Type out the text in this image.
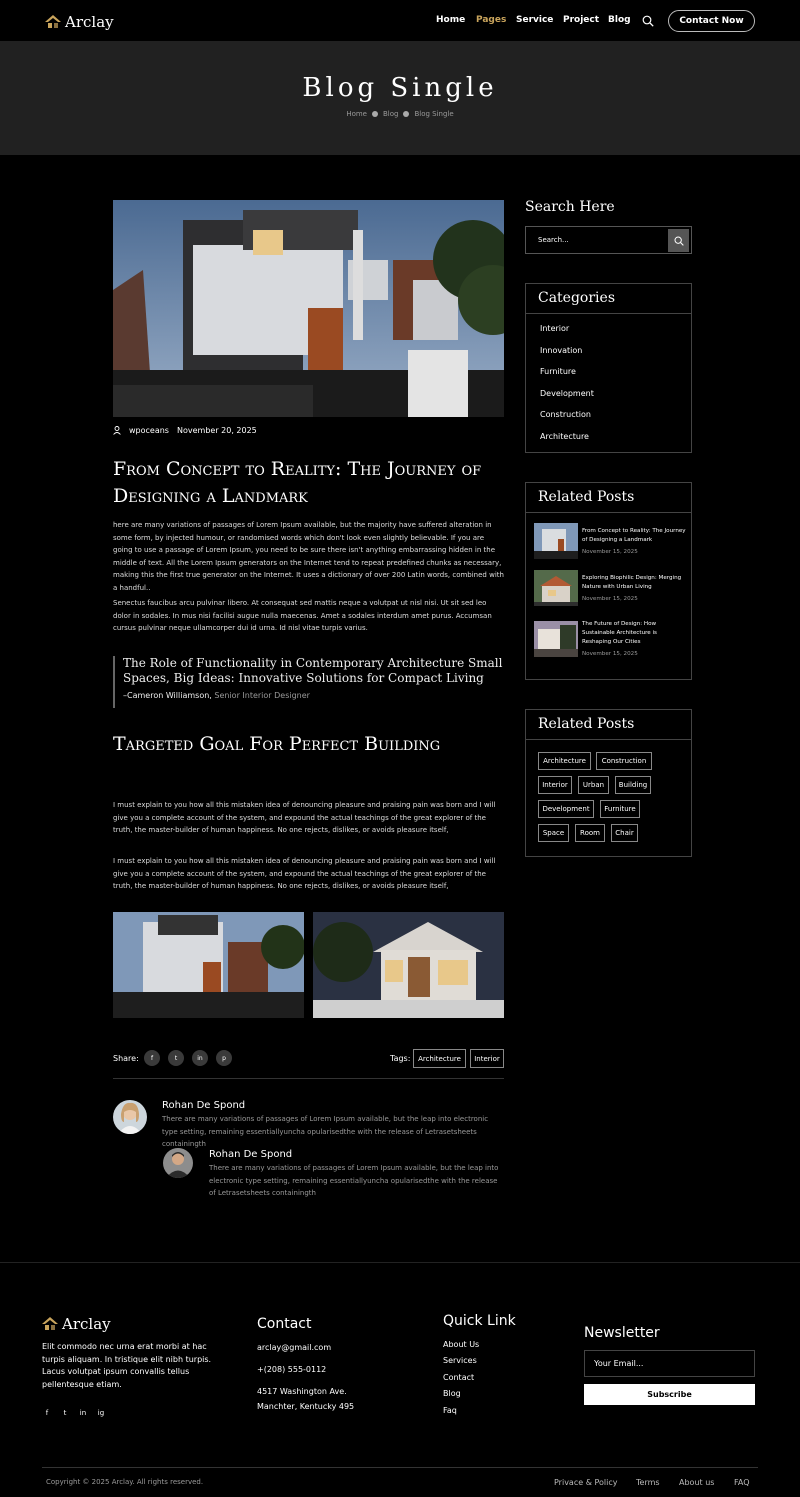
Arclay	Home Pages Service Project Blog	Contact Now
Blog Single
Home Blog Blog Single
wpoceans November 20, 2025
From Concept to Reality: The Journey of Designing a Landmark
here are many variations of passages of Lorem Ipsum available, but the majority have suffered alteration in some form, by injected humour, or randomised words which don't look even slightly believable. If you are going to use a passage of Lorem Ipsum, you need to be sure there isn't anything embarrassing hidden in the middle of text. All the Lorem Ipsum generators on the Internet tend to repeat predefined chunks as necessary, making this the first true generator on the Internet. It uses a dictionary of over 200 Latin words, combined with a handful..
Senectus faucibus arcu pulvinar libero. At consequat sed mattis neque a volutpat ut nisl nisi. Ut sit sed leo dolor in sodales. In mus nisi facilisi augue nulla maecenas. Amet a sodales interdum amet purus. Accumsan cursus pulvinar neque ullamcorper dui id urna. Id nisl vitae turpis varius.
The Role of Functionality in Contemporary Architecture Small Spaces, Big Ideas: Innovative Solutions for Compact Living
–Cameron Williamson, Senior Interior Designer
Targeted Goal For Perfect Building
I must explain to you how all this mistaken idea of denouncing pleasure and praising pain was born and I will give you a complete account of the system, and expound the actual teachings of the great explorer of the truth, the master-builder of human happiness. No one rejects, dislikes, or avoids pleasure itself,
I must explain to you how all this mistaken idea of denouncing pleasure and praising pain was born and I will give you a complete account of the system, and expound the actual teachings of the great explorer of the truth, the master-builder of human happiness. No one rejects, dislikes, or avoids pleasure itself,
Share:	f	t	in	p	Tags:	Architecture	Interior
Rohan De Spond
There are many variations of passages of Lorem Ipsum available, but the leap into electronic type setting, remaining essentiallyuncha opularisedthe with the release of Letrasetsheets containingth
Rohan De Spond
There are many variations of passages of Lorem Ipsum available, but the leap into electronic type setting, remaining essentiallyuncha opularisedthe with the release of Letrasetsheets containingth
Search Here
Search...
Categories
Interior
Innovation
Furniture
Development
Construction
Architecture
Related Posts
From Concept to Reality: The Journey of Designing a Landmark
November 15, 2025
Exploring Biophilic Design: Merging Nature with Urban Living
November 15, 2025
The Future of Design: How Sustainable Architecture is Reshaping Our Cities
November 15, 2025
Related Posts
Architecture	Construction
Interior	Urban	Building
Development	Furniture
Space	Room	Chair
Arclay
Elit commodo nec urna erat morbi at hac turpis aliquam. In tristique elit nibh turpis. Lacus volutpat ipsum convallis tellus pellentesque etiam.
f	t	in ig
Contact
arclay@gmail.com
+(208) 555-0112
4517 Washington Ave.
Manchter, Kentucky 495
Quick Link
About Us
Services
Contact
Blog
Faq
Newsletter
Your Email...
Subscribe
Copyright © 2025 Arclay. All rights reserved.	Privace & Policy Terms About us FAQ
